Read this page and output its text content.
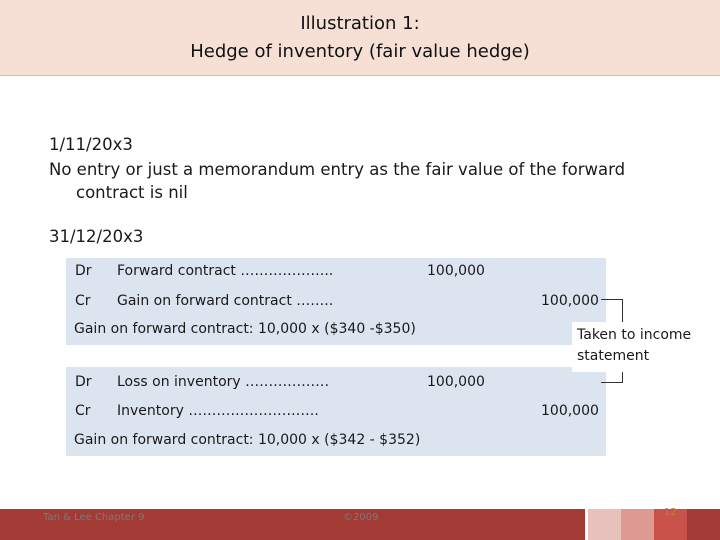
Illustration 1:
Hedge of inventory (fair value hedge)
1/11/20x3
No entry or just a memorandum entry as the fair value of the forward
contract is nil
31/12/20x3
Dr Forward contract ………………..	100,000
Cr Gain on forward contract ……..	100,000
Gain on forward contract: 10,000 x ($340 -$350)
Dr Loss on inventory ………………	100,000
Cr Inventory ……………………….	100,000
Gain on forward contract: 10,000 x ($342 - $352)
Taken to income
statement
Tan & Lee Chapter 9	©2009	12
